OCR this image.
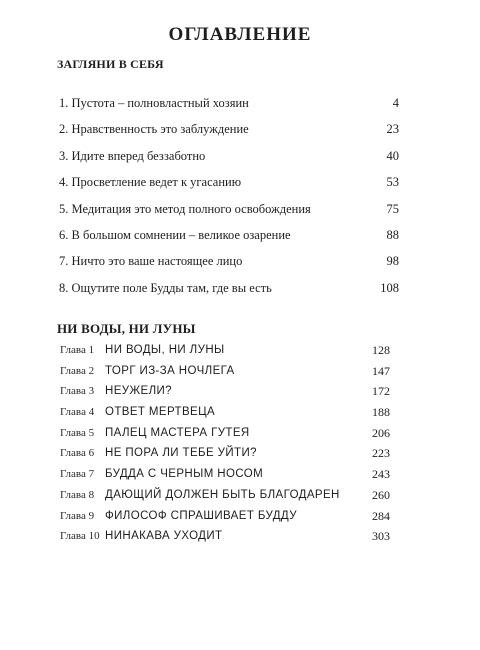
ОГЛАВЛЕНИЕ
ЗАГЛЯНИ В СЕБЯ
1. Пустота – полновластный хозяин	4
2. Нравственность это заблуждение	23
3. Идите вперед беззаботно	40
4. Просветление ведет к угасанию	53
5. Медитация это метод полного освобождения	75
6. В большом сомнении – великое озарение	88
7. Ничто это ваше настоящее лицо	98
8. Ощутите поле Будды там, где вы есть	108
НИ ВОДЫ, НИ ЛУНЫ
Глава 1 НИ ВОДЫ, НИ ЛУНЫ	128
Глава 2 ТОРГ ИЗ-ЗА НОЧЛЕГА	147
Глава 3 НЕУЖЕЛИ?	172
Главa 4 ОТВЕТ МЕРТВЕЦА	188
Глава 5 ПАЛЕЦ МАСТЕРА ГУТЕЯ	206
Глава 6 НЕ ПОРА ЛИ ТЕБЕ УЙТИ?	223
Глава 7 БУДДА С ЧЕРНЫМ НОСОМ	243
Глава 8 ДАЮЩИЙ ДОЛЖЕН БЫТЬ БЛАГОДАРЕН	260
Глава 9 ФИЛОСОФ СПРАШИВАЕТ БУДДУ	284
Глава 10 НИНАКАВА УХОДИТ	303
